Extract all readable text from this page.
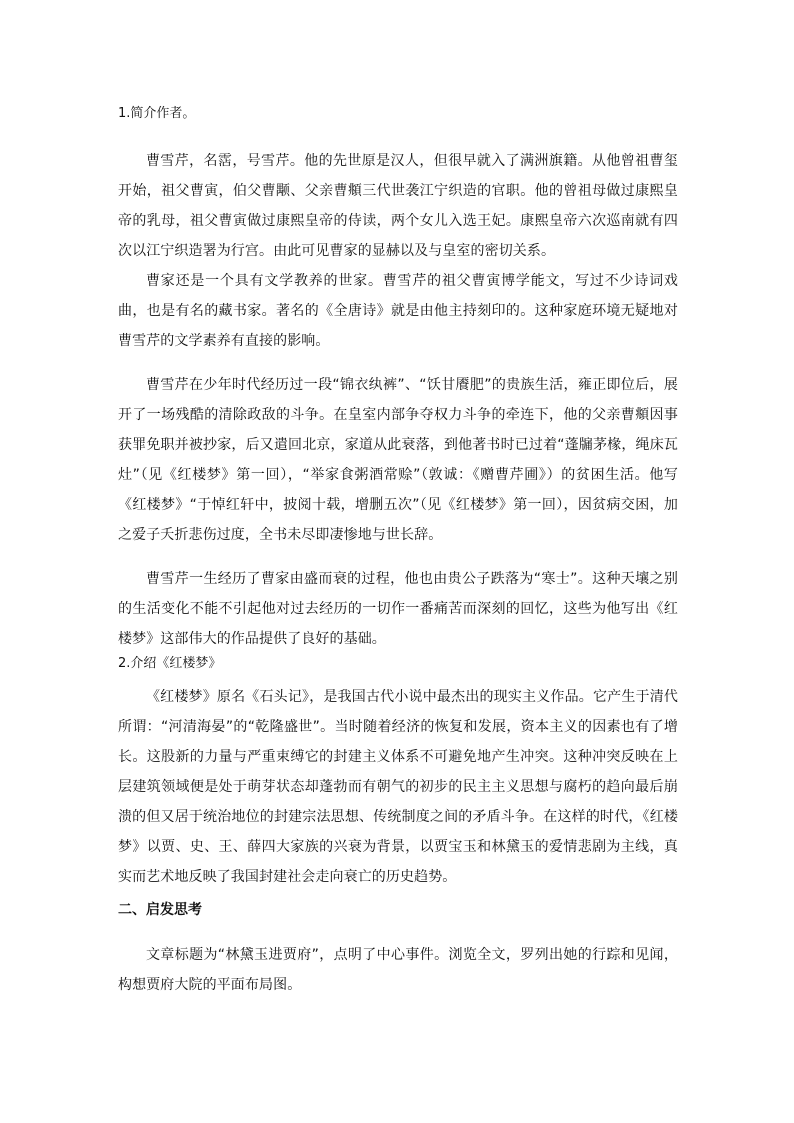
1.简介作者。

曹雪芹，名霑，号雪芹。他的先世原是汉人，但很早就入了满洲旗籍。从他曾祖曹玺开始，祖父曹寅，伯父曹颙、父亲曹頫三代世袭江宁织造的官职。他的曾祖母做过康熙皇帝的乳母，祖父曹寅做过康熙皇帝的侍读，两个女儿入选王妃。康熙皇帝六次巡南就有四次以江宁织造署为行宫。由此可见曹家的显赫以及与皇室的密切关系。

曹家还是一个具有文学教养的世家。曹雪芹的祖父曹寅博学能文，写过不少诗词戏曲，也是有名的藏书家。著名的《全唐诗》就是由他主持刻印的。这种家庭环境无疑地对曹雪芹的文学素养有直接的影响。

曹雪芹在少年时代经历过一段“锦衣纨裤”、“饫甘餍肥”的贵族生活，雍正即位后，展开了一场残酷的清除政敌的斗争。在皇室内部争夺权力斗争的牵连下，他的父亲曹頫因事获罪免职并被抄家，后又遣回北京，家道从此衰落，到他著书时已过着“蓬牖茅椽，绳床瓦灶”（见《红楼梦》第一回），“举家食粥酒常赊”（敦诚：《赠曹芹圃》）的贫困生活。他写《红楼梦》“于悼红轩中，披阅十载，增删五次”（见《红楼梦》第一回），因贫病交困，加之爱子夭折悲伤过度，全书未尽即凄惨地与世长辞。

曹雪芹一生经历了曹家由盛而衰的过程，他也由贵公子跌落为“寒士”。这种天壤之别的生活变化不能不引起他对过去经历的一切作一番痛苦而深刻的回忆，这些为他写出《红楼梦》这部伟大的作品提供了良好的基础。

2.介绍《红楼梦》

《红楼梦》原名《石头记》，是我国古代小说中最杰出的现实主义作品。它产生于清代所谓：“河清海晏”的“乾隆盛世”。当时随着经济的恢复和发展，资本主义的因素也有了增长。这股新的力量与严重束缚它的封建主义体系不可避免地产生冲突。这种冲突反映在上层建筑领域便是处于萌芽状态却蓬勃而有朝气的初步的民主主义思想与腐朽的趋向最后崩溃的但又居于统治地位的封建宗法思想、传统制度之间的矛盾斗争。在这样的时代，《红楼梦》以贾、史、王、薛四大家族的兴衰为背景，以贾宝玉和林黛玉的爱情悲剧为主线，真实而艺术地反映了我国封建社会走向衰亡的历史趋势。

二、启发思考

文章标题为“林黛玉进贾府”，点明了中心事件。浏览全文，罗列出她的行踪和见闻，构想贾府大院的平面布局图。
